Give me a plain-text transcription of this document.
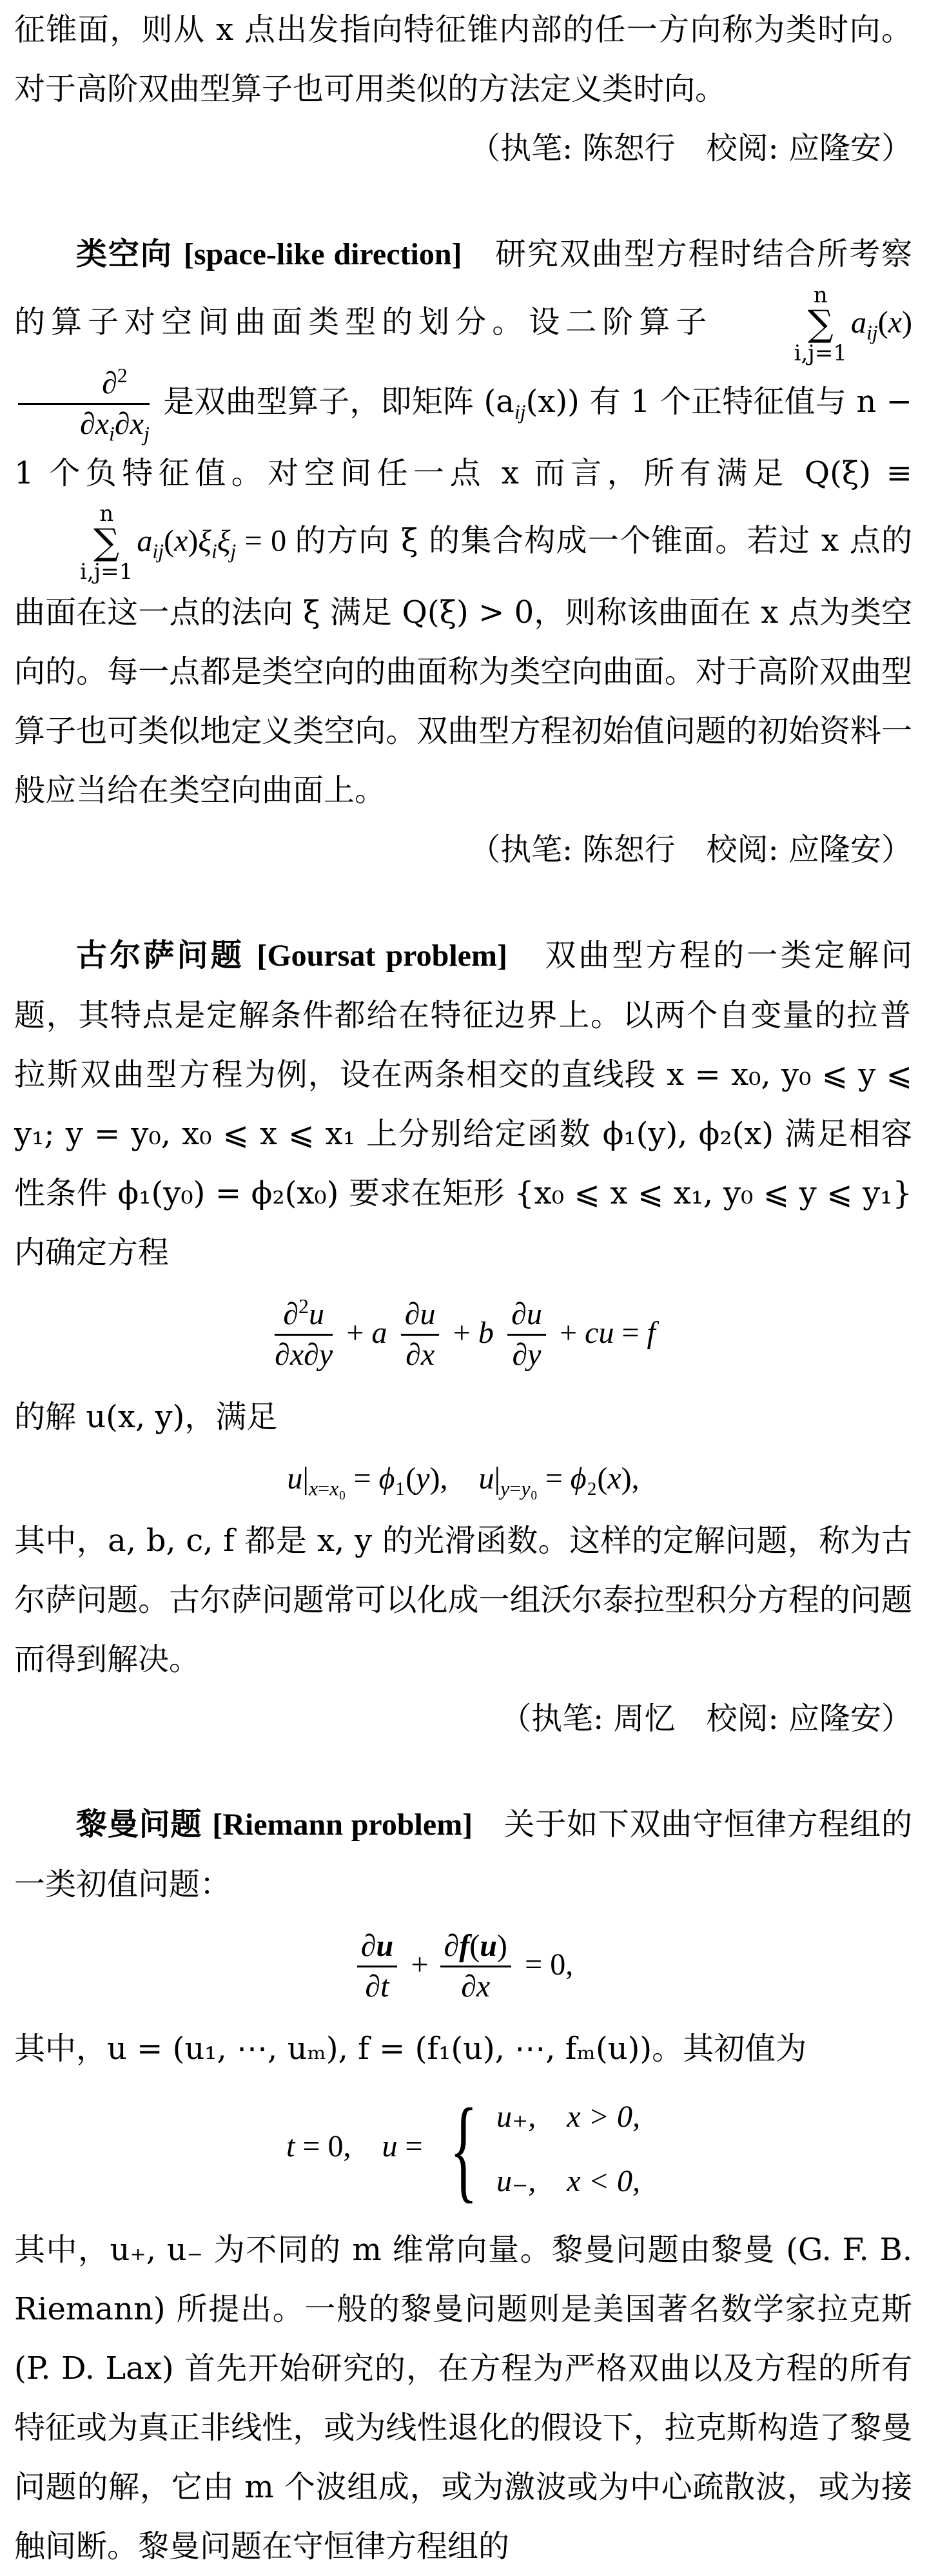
征锥面，则从 x 点出发指向特征锥内部的任一方向称为类时向。对于高阶双曲型算子也可用类似的方法定义类时向。

（执笔: 陈恕行　校阅: 应隆安）

类空向 [space-like direction] 研究双曲型方程时结合所考察的算子对空间曲面类型的划分。设二阶算子
n
∑
i,j=1
$a_{ij}(x)$
$\frac{\partial^2}{\partial x_i\partial x_j}$ 是双曲型算子，即矩阵 $(a_{ij}(x))$ 有 1 个正特征值与 n − 1 个负特征值。对空间任一点 x 而言，所有满足 Q(ξ) ≡
n
∑
i,j=1
$a_{ij}(x)\xi_i\xi_j = 0$ 的方向 ξ 的集合构成一个锥面。若过 x 点的曲面在这一点的法向 ξ 满足 Q(ξ) > 0，则称该曲面在 x 点为类空向的。每一点都是类空向的曲面称为类空向曲面。对于高阶双曲型算子也可类似地定义类空向。双曲型方程初始值问题的初始资料一般应当给在类空向曲面上。

（执笔: 陈恕行　校阅: 应隆安）

古尔萨问题 [Goursat problem] 双曲型方程的一类定解问题，其特点是定解条件都给在特征边界上。以两个自变量的拉普拉斯双曲型方程为例，设在两条相交的直线段 x = x₀, y₀ ⩽ y ⩽ y₁; y = y₀, x₀ ⩽ x ⩽ x₁ 上分别给定函数 ϕ₁(y), ϕ₂(x) 满足相容性条件 ϕ₁(y₀) = ϕ₂(x₀) 要求在矩形 {x₀ ⩽ x ⩽ x₁, y₀ ⩽ y ⩽ y₁} 内确定方程

$\frac{\partial^2u}{\partial x\partial y} + a \frac{\partial u}{\partial x} + b \frac{\partial u}{\partial y}$ + cu = f

的解 u(x, y)，满足

$u|_{x=x_0} = \phi_1(y)$,    $u|_{y=y_0} = \phi_2(x)$,

其中，a, b, c, f 都是 x, y 的光滑函数。这样的定解问题，称为古尔萨问题。古尔萨问题常可以化成一组沃尔泰拉型积分方程的问题而得到解决。

（执笔: 周忆　校阅: 应隆安）

黎曼问题 [Riemann problem] 关于如下双曲守恒律方程组的一类初值问题：

$\frac{\partial u}{\partial t} + \frac{\partial f(u)}{\partial x} = 0$,

其中，u = (u₁, ⋯, uₘ), f = (f₁(u), ⋯, fₘ(u))。其初值为

t = 0,    u = { u₊,    x > 0,
u₋,    x < 0,

其中，u₊, u₋ 为不同的 m 维常向量。黎曼问题由黎曼 (G. F. B. Riemann) 所提出。一般的黎曼问题则是美国著名数学家拉克斯 (P. D. Lax) 首先开始研究的，在方程为严格双曲以及方程的所有特征或为真正非线性，或为线性退化的假设下，拉克斯构造了黎曼问题的解，它由 m 个波组成，或为激波或为中心疏散波，或为接触间断。黎曼问题在守恒律方程组的
